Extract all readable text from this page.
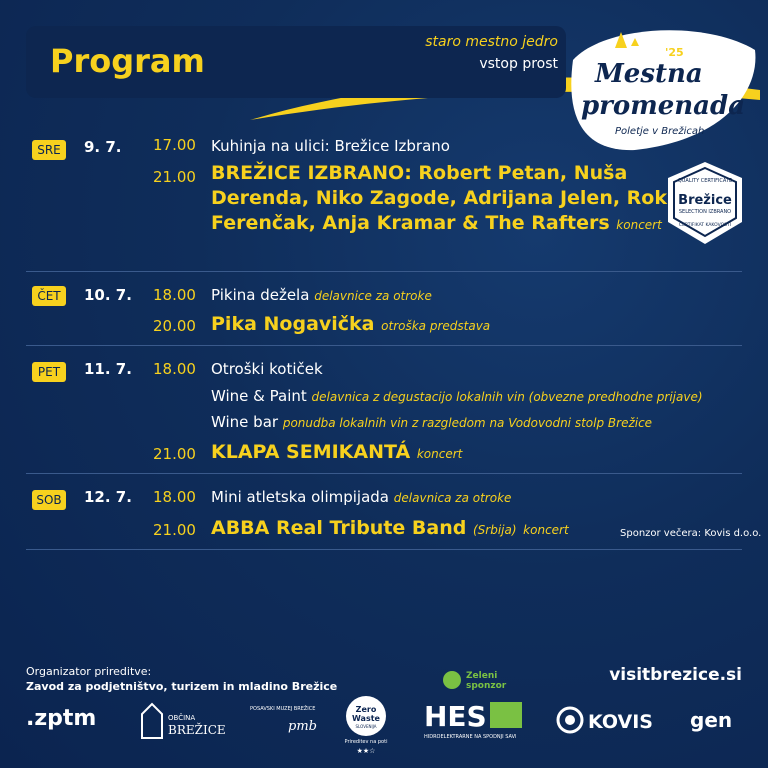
Program	staro mestno jedro
vstop prost
'25
Mestna
promenada
Poletje v Brežicah
QUALITY CERTIFICATE
Brežice
SELECTION IZBRANO
CERTIFIKAT KAKOVOSTI
SRE	9. 7. 17.00 Kuhinja na ulici: Brežice Izbrano
21.00 BREŽICE IZBRANO: Robert Petan, Nuša Derenda, Niko Zagode, Adrijana Jelen, Rok Ferenčak, Anja Kramar & The Rafters koncert
ČET	10. 7. 18.00 Pikina dežela delavnice za otroke
20.00 Pika Nogavička otroška predstava
PET	11. 7. 18.00 Otroški kotiček
Wine & Paint delavnica z degustacijo lokalnih vin (obvezne predhodne prijave)
Wine bar ponudba lokalnih vin z razgledom na Vodovodni stolp Brežice
21.00 KLAPA SEMIKANTÁ koncert
SOB 12. 7. 18.00 Mini atletska olimpijada delavnica za otroke
21.00 ABBA Real Tribute Band (Srbija) koncert	Sponzor večera: Kovis d.o.o.
Organizator prireditve:
Zavod za podjetništvo, turizem in mladino Brežice
visitbrezice.si
.zptm	OBČINA
BREŽICE
POSAVSKI MUZEJ BREŽICE
pmb
Zero
Waste
SLOVENIJA
Prireditev na poti
★★☆
Zeleni
sponzor
HES
HIDROELEKTRARNE NA SPODNJI SAVI
KOVIS gen
